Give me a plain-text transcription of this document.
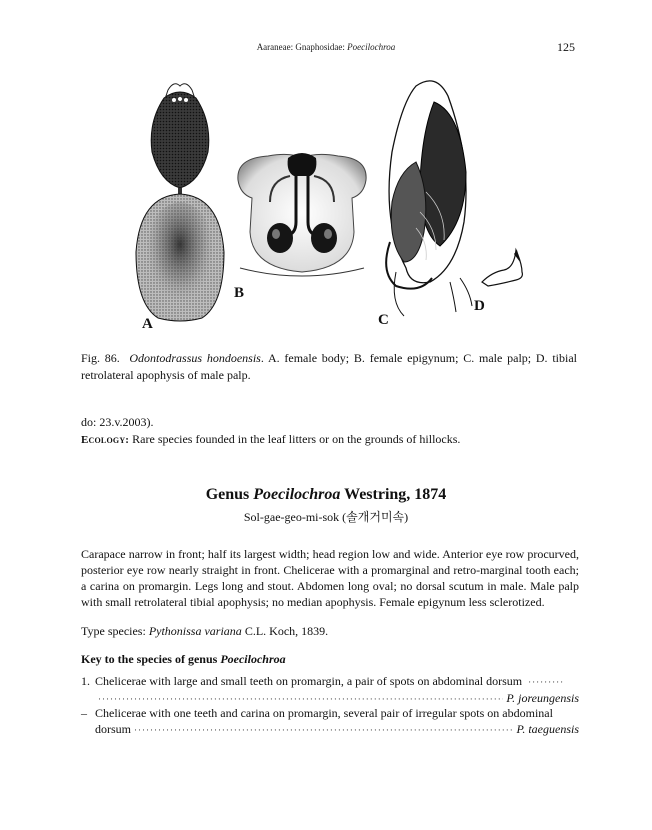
Aaraneae: Gnaphosidae: Poecilochroa	125
A
B
C
D
Fig. 86. Odontodrassus hondoensis. A. female body; B. female epigynum; C. male palp; D. tibial retrolateral apophysis of male palp.
do: 23.v.2003).
Ecology: Rare species founded in the leaf litters or on the grounds of hillocks.
Genus Poecilochroa Westring, 1874
Sol-gae-geo-mi-sok (솔개거미속)
Carapace narrow in front; half its largest width; head region low and wide. Anterior eye row procurved, posterior eye row nearly straight in front. Chelicerae with a promarginal and retro-marginal tooth each; a carina on promargin. Legs long and stout. Abdomen long oval; no dorsal scutum in male. Male palp with small retrolateral tibial apophysis; no median apophysis. Female epigynum less sclerotized.
Type species: Pythonissa variana C.L. Koch, 1839.
Key to the species of genus Poecilochroa
1. Chelicerae with large and small teeth on promargin, a pair of spots on abdominal dorsum ·········
·····
P. joreungensis
– Chelicerae with one teeth and carina on promargin, several pair of irregular spots on abdominal
dorsum
·····	P. taeguensis
